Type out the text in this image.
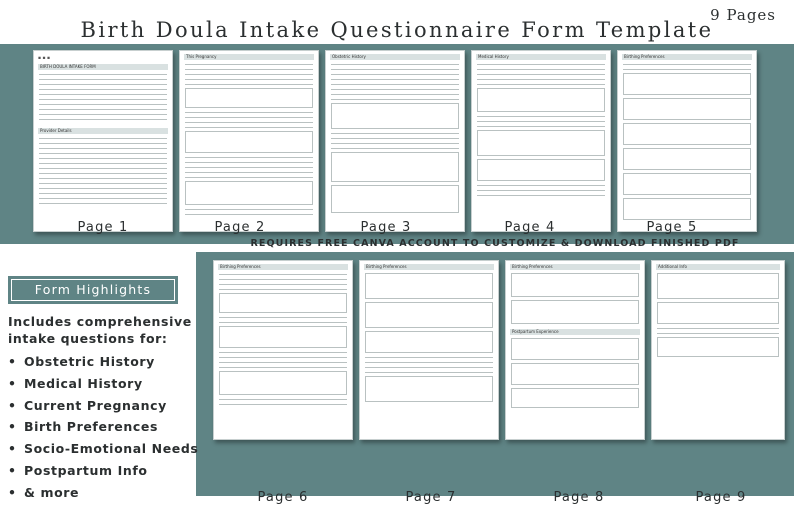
Birth Doula Intake Questionnaire Form Template
9 Pages
▪ ▪ ▪
BIRTH DOULA INTAKE FORM
Provider Details
This Pregnancy	Obstetric History	Medical History	Birthing Preferences
Page 1	Page 2	Page 3	Page 4	Page 5
REQUIRES FREE CANVA ACCOUNT TO CUSTOMIZE & DOWNLOAD FINISHED PDF
Birthing Preferences	Birthing Preferences	Birthing Preferences
Postpartum Experience
Additional Info
Page 6	Page 7	Page 8	Page 9
Form Highlights
Includes comprehensive intake questions for:
• Obstetric History
• Medical History
• Current Pregnancy
• Birth Preferences
• Socio-Emotional Needs
• Postpartum Info
• & more
